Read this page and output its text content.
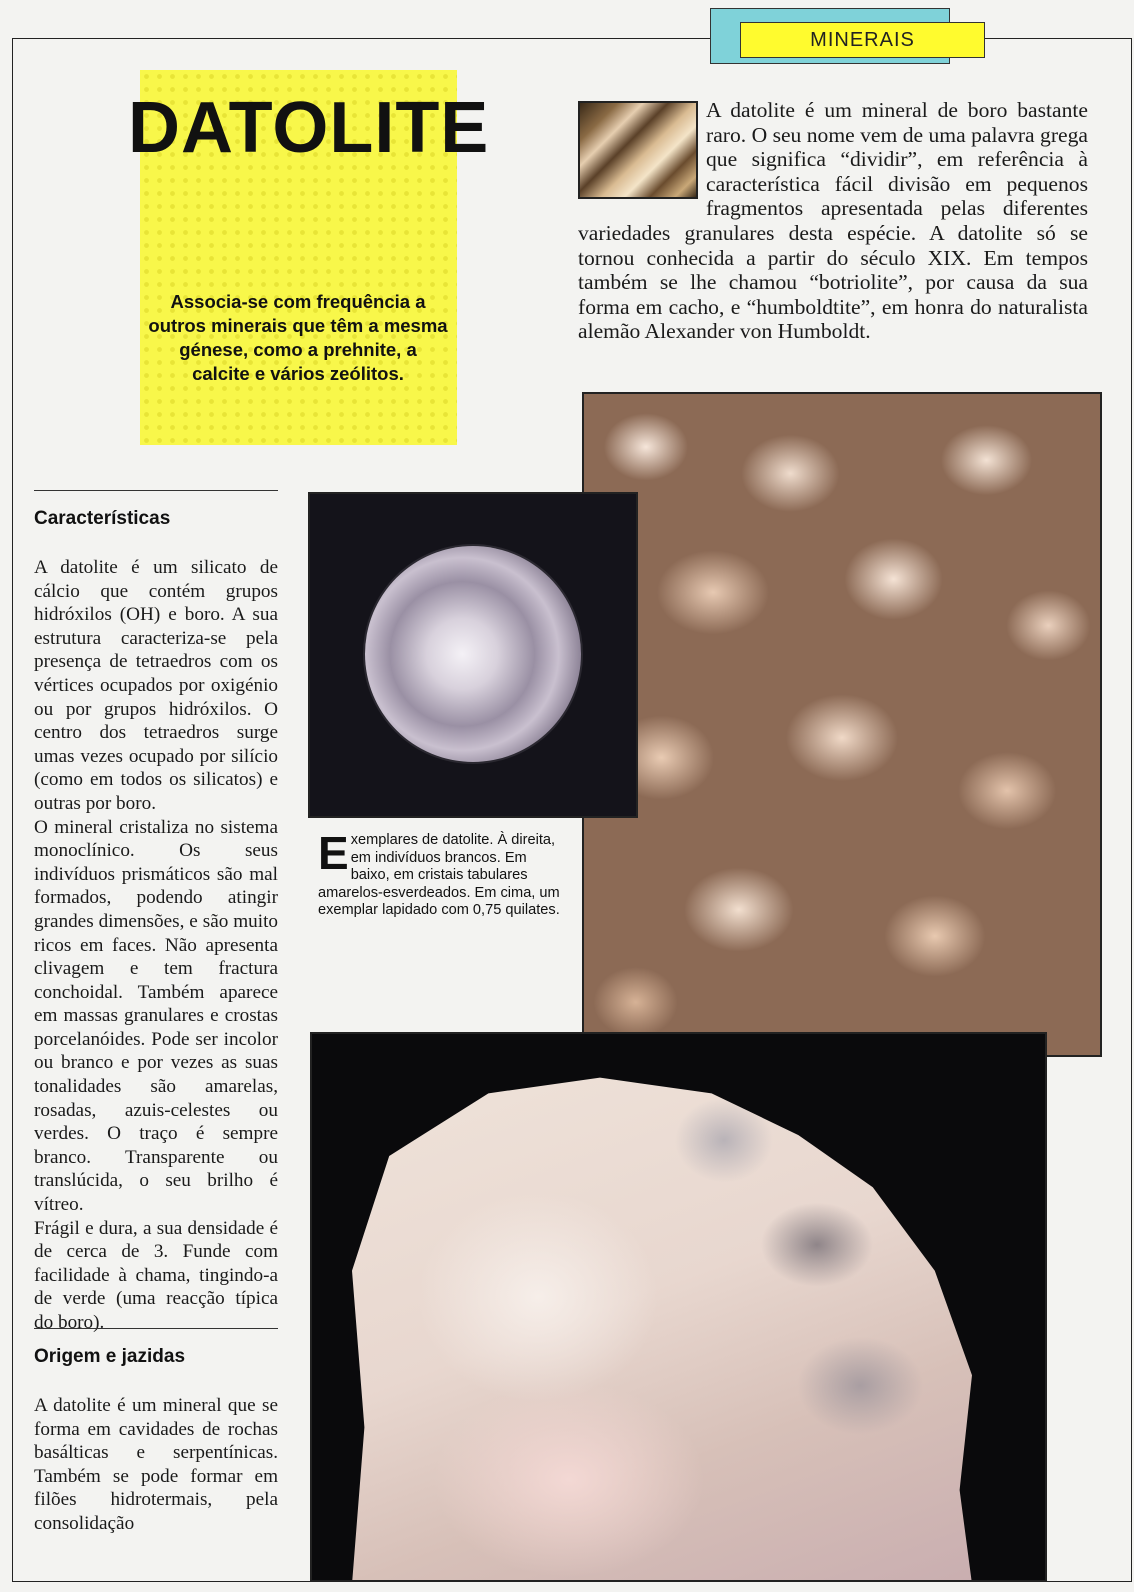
MINERAIS
DATOLITE
Associa-se com frequência a outros minerais que têm a mesma génese, como a prehnite, a calcite e vários zeólitos.
A datolite é um mineral de boro bastante raro. O seu nome vem de uma palavra grega que significa “dividir”, em referência à característica fácil divisão em pequenos fragmentos apresentada pelas diferentes variedades granulares desta espécie. A datolite só se tornou conhecida a partir do século XIX. Em tempos também se lhe chamou “botriolite”, por causa da sua forma em cacho, e “humboldtite”, em honra do naturalista alemão Alexander von Humboldt.

Exemplares de datolite. À direita, em indivíduos brancos. Em baixo, em cristais tabulares amarelos-esverdeados. Em cima, um exemplar lapidado com 0,75 quilates.

Características

A datolite é um silicato de cálcio que contém grupos hidróxilos (OH) e boro. A sua estrutura caracteriza-se pela presença de tetraedros com os vértices ocupados por oxigénio ou por grupos hidróxilos. O centro dos tetraedros surge umas vezes ocupado por silício (como em todos os silicatos) e outras por boro.

O mineral cristaliza no sistema monoclínico. Os seus indivíduos prismáticos são mal formados, podendo atingir grandes dimensões, e são muito ricos em faces. Não apresenta clivagem e tem fractura conchoidal. Também aparece em massas granulares e crostas porcelanóides. Pode ser incolor ou branco e por vezes as suas tonalidades são amarelas, rosadas, azuis-celestes ou verdes. O traço é sempre branco. Transparente ou translúcida, o seu brilho é vítreo.

Frágil e dura, a sua densidade é de cerca de 3. Funde com facilidade à chama, tingindo-a de verde (uma reacção típica do boro).

Origem e jazidas

A datolite é um mineral que se forma em cavidades de rochas basálticas e serpentínicas. Também se pode formar em filões hidrotermais, pela consolidação
